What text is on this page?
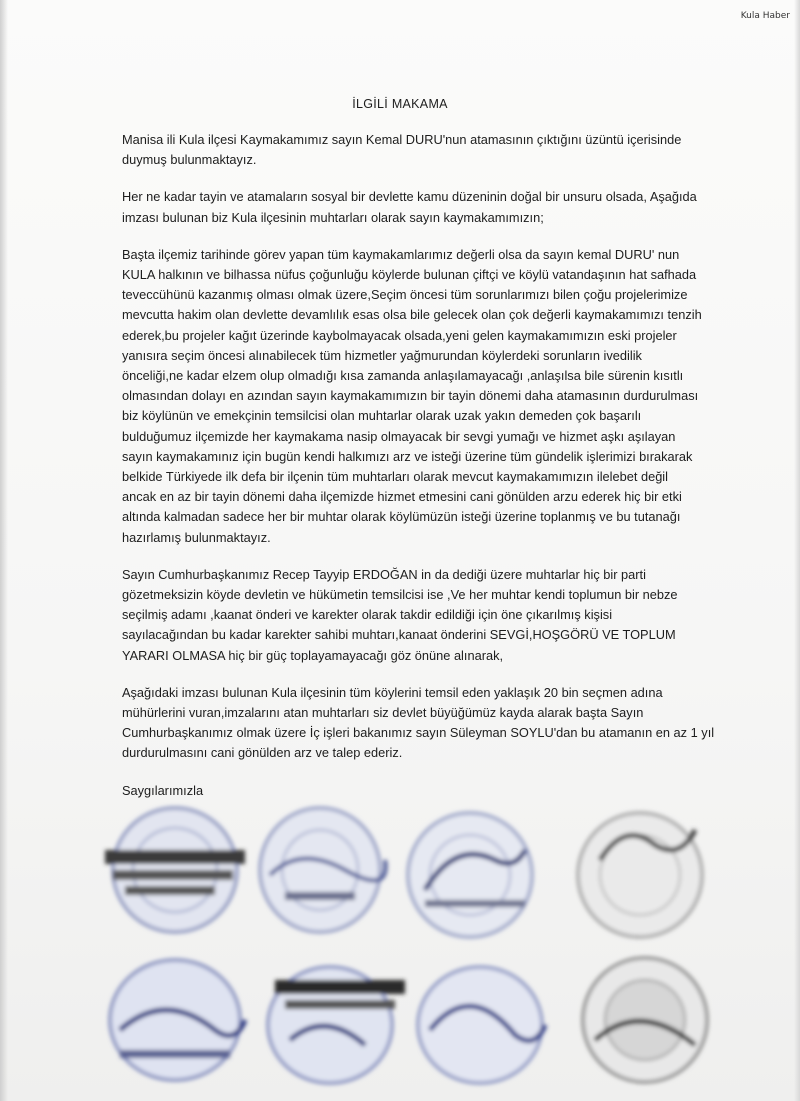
Kula Haber
İLGİLİ MAKAMA
Manisa ili Kula ilçesi Kaymakamımız sayın Kemal DURU'nun atamasının çıktığını üzüntü içerisinde
duymuş bulunmaktayız.
Her ne kadar tayin ve atamaların sosyal bir devlette kamu düzeninin doğal bir unsuru olsada, Aşağıda
imzası bulunan biz Kula ilçesinin muhtarları olarak sayın kaymakamımızın;
Başta ilçemiz tarihinde görev yapan tüm kaymakamlarımız değerli olsa da sayın kemal DURU' nun
KULA halkının ve bilhassa nüfus çoğunluğu köylerde bulunan çiftçi ve köylü vatandaşının hat safhada
teveccühünü kazanmış olması olmak üzere,Seçim öncesi tüm sorunlarımızı bilen çoğu projelerimize
mevcutta hakim olan devlette devamlılık esas olsa bile gelecek olan çok değerli kaymakamımızı tenzih
ederek,bu projeler kağıt üzerinde kaybolmayacak olsada,yeni gelen kaymakamımızın eski projeler
yanısıra seçim öncesi alınabilecek tüm hizmetler yağmurundan köylerdeki sorunların ivedilik
önceliği,ne kadar elzem olup olmadığı kısa zamanda anlaşılamayacağı ,anlaşılsa bile sürenin kısıtlı
olmasından dolayı en azından sayın kaymakamımızın bir tayin dönemi daha atamasının durdurulması
biz köylünün ve emekçinin temsilcisi olan muhtarlar olarak uzak yakın demeden çok başarılı
bulduğumuz ilçemizde her kaymakama nasip olmayacak bir sevgi yumağı ve hizmet aşkı aşılayan
sayın kaymakamınız için bugün kendi halkımızı arz ve isteği üzerine tüm gündelik işlerimizi bırakarak
belkide Türkiyede ilk defa bir ilçenin tüm muhtarları olarak mevcut kaymakamımızın ilelebet değil
ancak en az bir tayin dönemi daha ilçemizde hizmet etmesini cani gönülden arzu ederek hiç bir etki
altında kalmadan sadece her bir muhtar olarak köylümüzün isteği üzerine toplanmış ve bu tutanağı
hazırlamış bulunmaktayız.
Sayın Cumhurbaşkanımız Recep Tayyip ERDOĞAN in da dediği üzere muhtarlar hiç bir parti
gözetmeksizin köyde devletin ve hükümetin temsilcisi ise ,Ve her muhtar kendi toplumun bir nebze
seçilmiş adamı ,kaanat önderi ve karekter olarak takdir edildiği için öne çıkarılmış kişisi
sayılacağından bu kadar karekter sahibi muhtarı,kanaat önderini SEVGİ,HOŞGÖRÜ VE TOPLUM
YARARI OLMASA hiç bir güç toplayamayacağı göz önüne alınarak,
Aşağıdaki imzası bulunan Kula ilçesinin tüm köylerini temsil eden yaklaşık 20 bin seçmen adına
mühürlerini vuran,imzalarını atan muhtarları siz devlet büyüğümüz kayda alarak başta Sayın
Cumhurbaşkanımız olmak üzere İç işleri bakanımız sayın Süleyman SOYLU'dan bu atamanın en az 1 yıl
durdurulmasını cani gönülden arz ve talep ederiz.
Saygılarımızla
